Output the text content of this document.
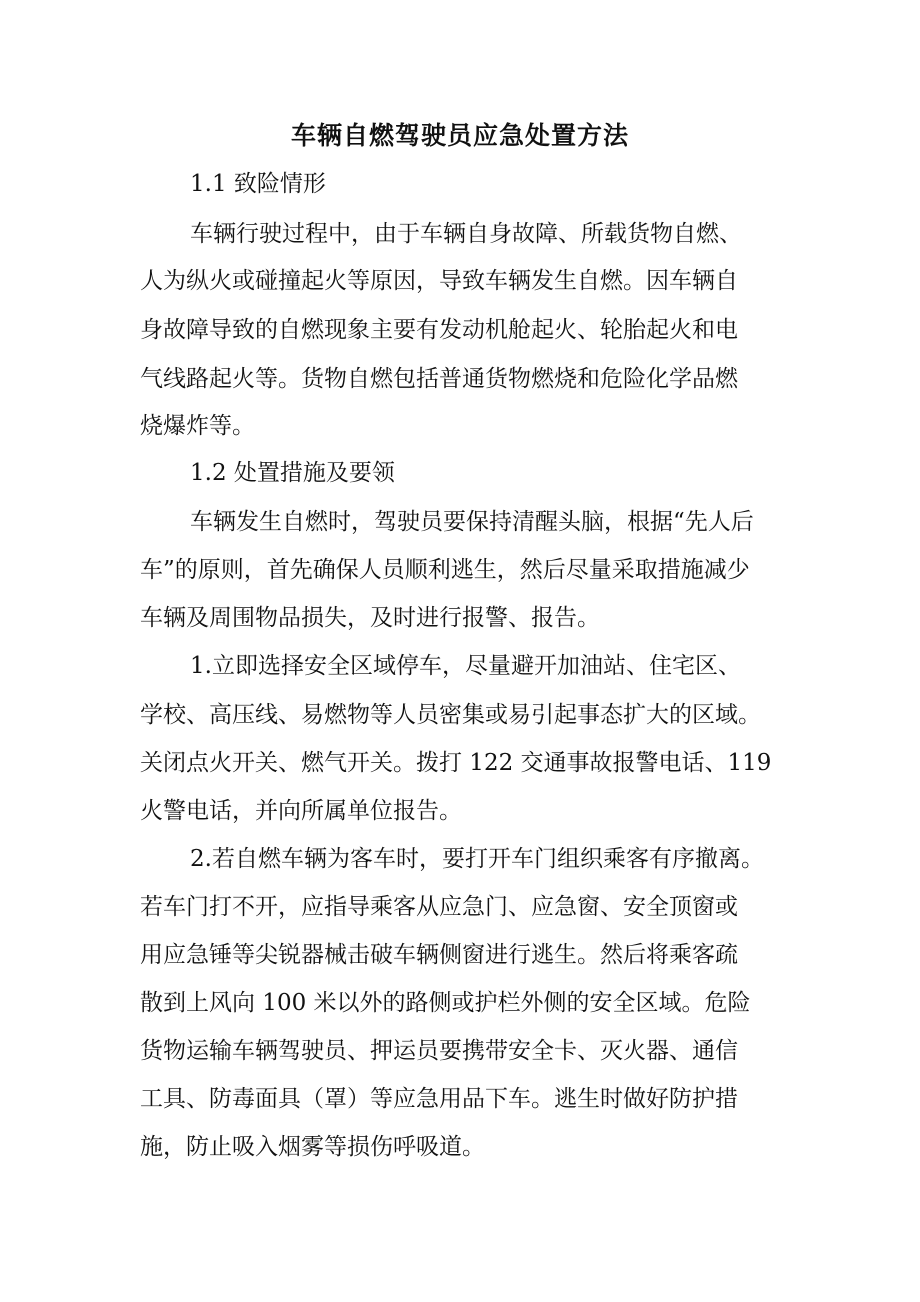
车辆自燃驾驶员应急处置方法
1.1 致险情形
车辆行驶过程中，由于车辆自身故障、所载货物自燃、
人为纵火或碰撞起火等原因，导致车辆发生自燃。因车辆自
身故障导致的自燃现象主要有发动机舱起火、轮胎起火和电
气线路起火等。货物自燃包括普通货物燃烧和危险化学品燃
烧爆炸等。
1.2 处置措施及要领
车辆发生自燃时，驾驶员要保持清醒头脑，根据“先人后
车”的原则，首先确保人员顺利逃生，然后尽量采取措施减少
车辆及周围物品损失，及时进行报警、报告。
1.立即选择安全区域停车，尽量避开加油站、住宅区、
学校、高压线、易燃物等人员密集或易引起事态扩大的区域。
关闭点火开关、燃气开关。拨打 122 交通事故报警电话、119
火警电话，并向所属单位报告。
2.若自燃车辆为客车时，要打开车门组织乘客有序撤离。
若车门打不开，应指导乘客从应急门、应急窗、安全顶窗或
用应急锤等尖锐器械击破车辆侧窗进行逃生。然后将乘客疏
散到上风向 100 米以外的路侧或护栏外侧的安全区域。危险
货物运输车辆驾驶员、押运员要携带安全卡、灭火器、通信
工具、防毒面具（罩）等应急用品下车。逃生时做好防护措
施，防止吸入烟雾等损伤呼吸道。
